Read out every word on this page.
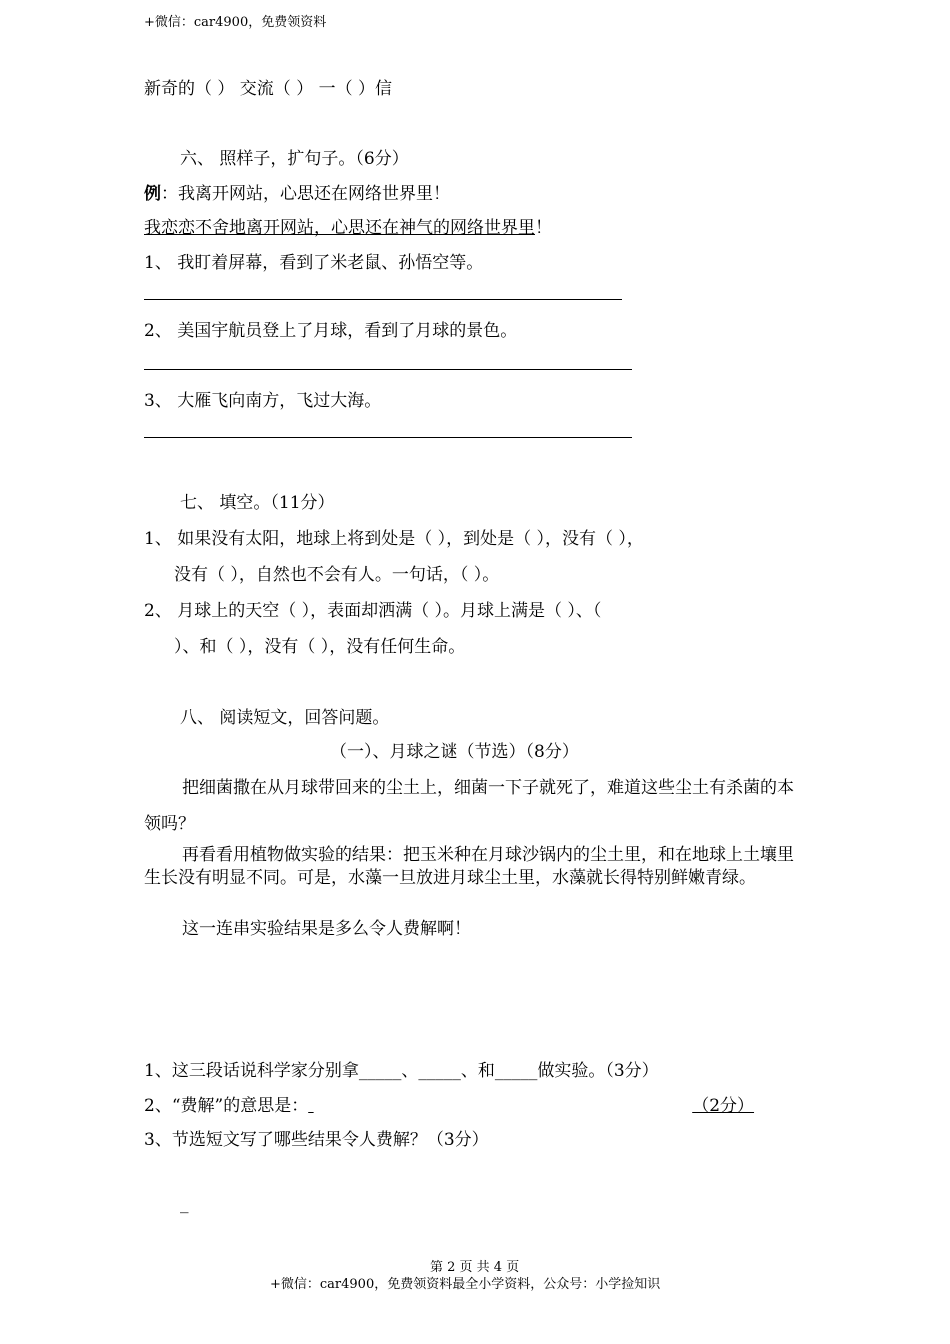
+微信：car4900，免费领资料
新奇的（ ） 交流（ ） 一（ ）信
六、 照样子，扩句子。（6分）
例：我离开网站，心思还在网络世界里！
我恋恋不舍地离开网站，心思还在神气的网络世界里！
1、 我盯着屏幕，看到了米老鼠、孙悟空等。
2、 美国宇航员登上了月球，看到了月球的景色。
3、 大雁飞向南方，飞过大海。
七、 填空。（11分）
1、 如果没有太阳，地球上将到处是（ ），到处是（ ），没有（ ），
没有（ ），自然也不会有人。一句话，（ ）。
2、 月球上的天空（ ），表面却洒满（ ）。月球上满是（ ）、（
）、和（ ），没有（ ），没有任何生命。
八、 阅读短文，回答问题。
（一）、月球之谜（节选）（8分）
把细菌撒在从月球带回来的尘土上，细菌一下子就死了，难道这些尘土有杀菌的本领吗？
再看看用植物做实验的结果：把玉米种在月球沙锅内的尘土里，和在地球上土壤里生长没有明显不同。可是，水藻一旦放进月球尘土里，水藻就长得特别鲜嫩青绿。
这一连串实验结果是多么令人费解啊！
1、这三段话说科学家分别拿_____、_____、和_____做实验。（3分）
2、“费解”的意思是：	（2分）
3、节选短文写了哪些结果令人费解？（3分）
_
第 2 页 共 4 页
+微信：car4900，免费领资料最全小学资料，公众号：小学捡知识
